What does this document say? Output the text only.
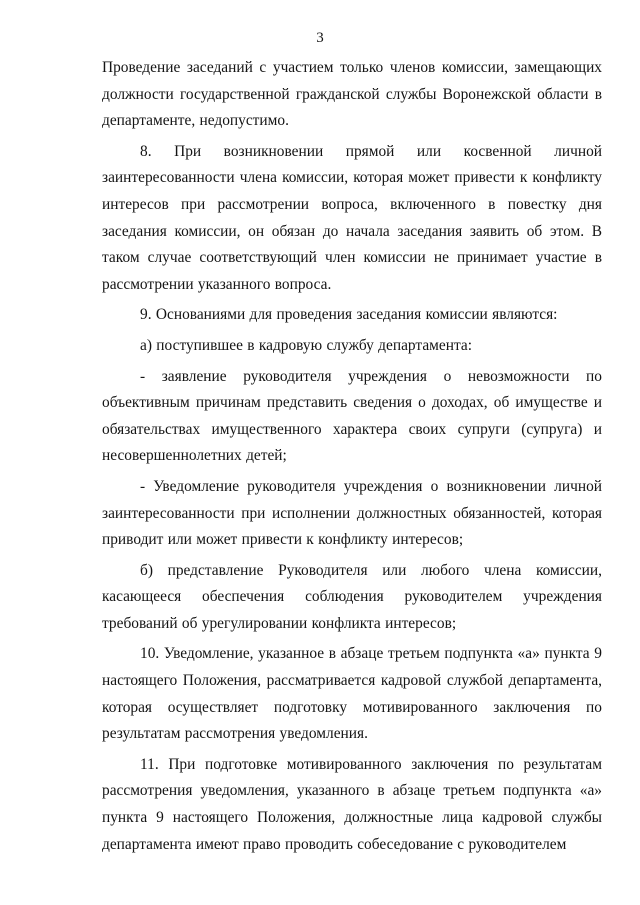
3

Проведение заседаний с участием только членов комиссии, замещающих должности государственной гражданской службы Воронежской области в департаменте, недопустимо.

8. При возникновении прямой или косвенной личной заинтересованности члена комиссии, которая может привести к конфликту интересов при рассмотрении вопроса, включенного в повестку дня заседания комиссии, он обязан до начала заседания заявить об этом. В таком случае соответствующий член комиссии не принимает участие в рассмотрении указанного вопроса.

9. Основаниями для проведения заседания комиссии являются:

а) поступившее в кадровую службу департамента:

- заявление руководителя учреждения о невозможности по объективным причинам представить сведения о доходах, об имуществе и обязательствах имущественного характера своих супруги (супруга) и несовершеннолетних детей;

- Уведомление руководителя учреждения о возникновении личной заинтересованности при исполнении должностных обязанностей, которая приводит или может привести к конфликту интересов;

б) представление Руководителя или любого члена комиссии, касающееся обеспечения соблюдения руководителем учреждения требований об урегулировании конфликта интересов;

10. Уведомление, указанное в абзаце третьем подпункта «а» пункта 9 настоящего Положения, рассматривается кадровой службой департамента, которая осуществляет подготовку мотивированного заключения по результатам рассмотрения уведомления.

11. При подготовке мотивированного заключения по результатам рассмотрения уведомления, указанного в абзаце третьем подпункта «а» пункта 9 настоящего Положения, должностные лица кадровой службы департамента имеют право проводить собеседование с руководителем
